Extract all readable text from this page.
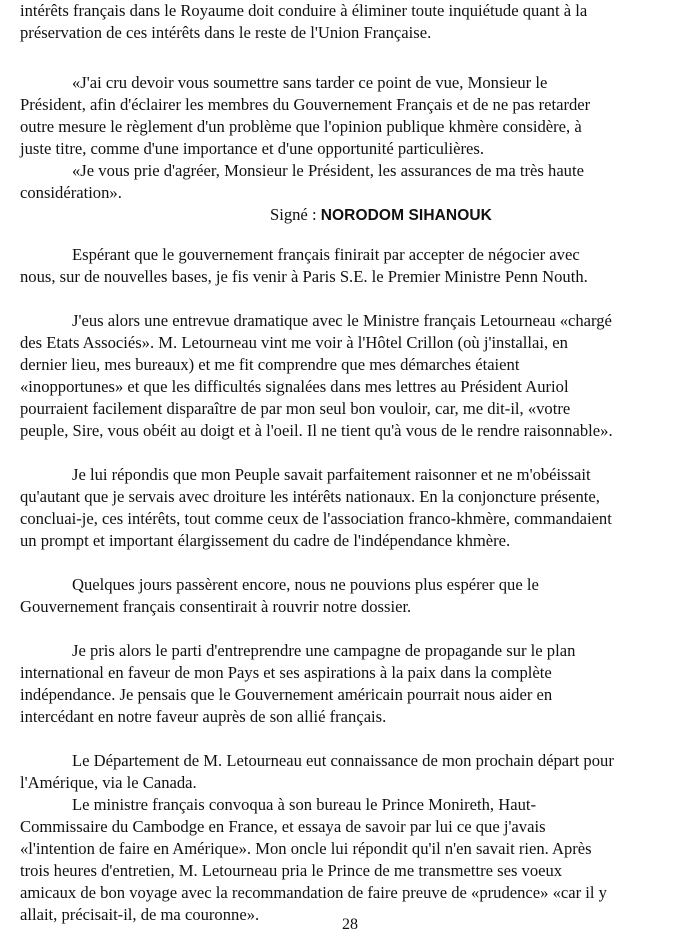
intérêts français dans le Royaume doit conduire à éliminer toute inquiétude quant à la
préservation de ces intérêts dans le reste de l'Union Française.

«J'ai cru devoir vous soumettre sans tarder ce point de vue, Monsieur le
Président, afin d'éclairer les membres du Gouvernement Français et de ne pas retarder
outre mesure le règlement d'un problème que l'opinion publique khmère considère, à
juste titre, comme d'une importance et d'une opportunité particulières.
«Je vous prie d'agréer, Monsieur le Président, les assurances de ma très haute
considération».

Signé : NORODOM SIHANOUK

Espérant que le gouvernement français finirait par accepter de négocier avec
nous, sur de nouvelles bases, je fis venir à Paris S.E. le Premier Ministre Penn Nouth.

J'eus alors une entrevue dramatique avec le Ministre français Letourneau «chargé
des Etats Associés». M. Letourneau vint me voir à l'Hôtel Crillon (où j'installai, en
dernier lieu, mes bureaux) et me fit comprendre que mes démarches étaient
«inopportunes» et que les difficultés signalées dans mes lettres au Président Auriol
pourraient facilement disparaître de par mon seul bon vouloir, car, me dit-il, «votre
peuple, Sire, vous obéit au doigt et à l'oeil. Il ne tient qu'à vous de le rendre raisonnable».

Je lui répondis que mon Peuple savait parfaitement raisonner et ne m'obéissait
qu'autant que je servais avec droiture les intérêts nationaux. En la conjoncture présente,
concluai-je, ces intérêts, tout comme ceux de l'association franco-khmère, commandaient
un prompt et important élargissement du cadre de l'indépendance khmère.

Quelques jours passèrent encore, nous ne pouvions plus espérer que le
Gouvernement français consentirait à rouvrir notre dossier.

Je pris alors le parti d'entreprendre une campagne de propagande sur le plan
international en faveur de mon Pays et ses aspirations à la paix dans la complète
indépendance. Je pensais que le Gouvernement américain pourrait nous aider en
intercédant en notre faveur auprès de son allié français.

Le Département de M. Letourneau eut connaissance de mon prochain départ pour
l'Amérique, via le Canada.

Le ministre français convoqua à son bureau le Prince Monireth, Haut-
Commissaire du Cambodge en France, et essaya de savoir par lui ce que j'avais
«l'intention de faire en Amérique». Mon oncle lui répondit qu'il n'en savait rien. Après
trois heures d'entretien, M. Letourneau pria le Prince de me transmettre ses voeux
amicaux de bon voyage avec la recommandation de faire preuve de «prudence» «car il y
allait, précisait-il, de ma couronne».

28
